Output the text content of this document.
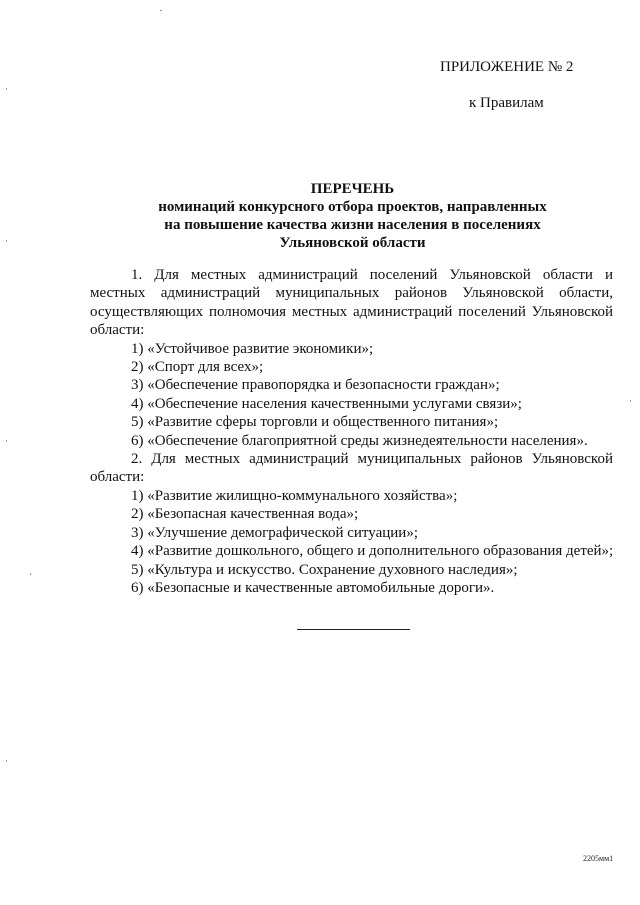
ПРИЛОЖЕНИЕ № 2
к Правилам
ПЕРЕЧЕНЬ
номинаций конкурсного отбора проектов, направленных
на повышение качества жизни населения в поселениях
Ульяновской области

1. Для местных администраций поселений Ульяновской области и местных администраций муниципальных районов Ульяновской области, осуществляющих полномочия местных администраций поселений Ульяновской области:

1) «Устойчивое развитие экономики»;

2) «Спорт для всех»;

3) «Обеспечение правопорядка и безопасности граждан»;

4) «Обеспечение населения качественными услугами связи»;

5) «Развитие сферы торговли и общественного питания»;

6) «Обеспечение благоприятной среды жизнедеятельности населения».

2. Для местных администраций муниципальных районов Ульяновской области:

1) «Развитие жилищно-коммунального хозяйства»;

2) «Безопасная качественная вода»;

3) «Улучшение демографической ситуации»;

4) «Развитие дошкольного, общего и дополнительного образования детей»;

5) «Культура и искусство. Сохранение духовного наследия»;

6) «Безопасные и качественные автомобильные дороги».

2205мм1
